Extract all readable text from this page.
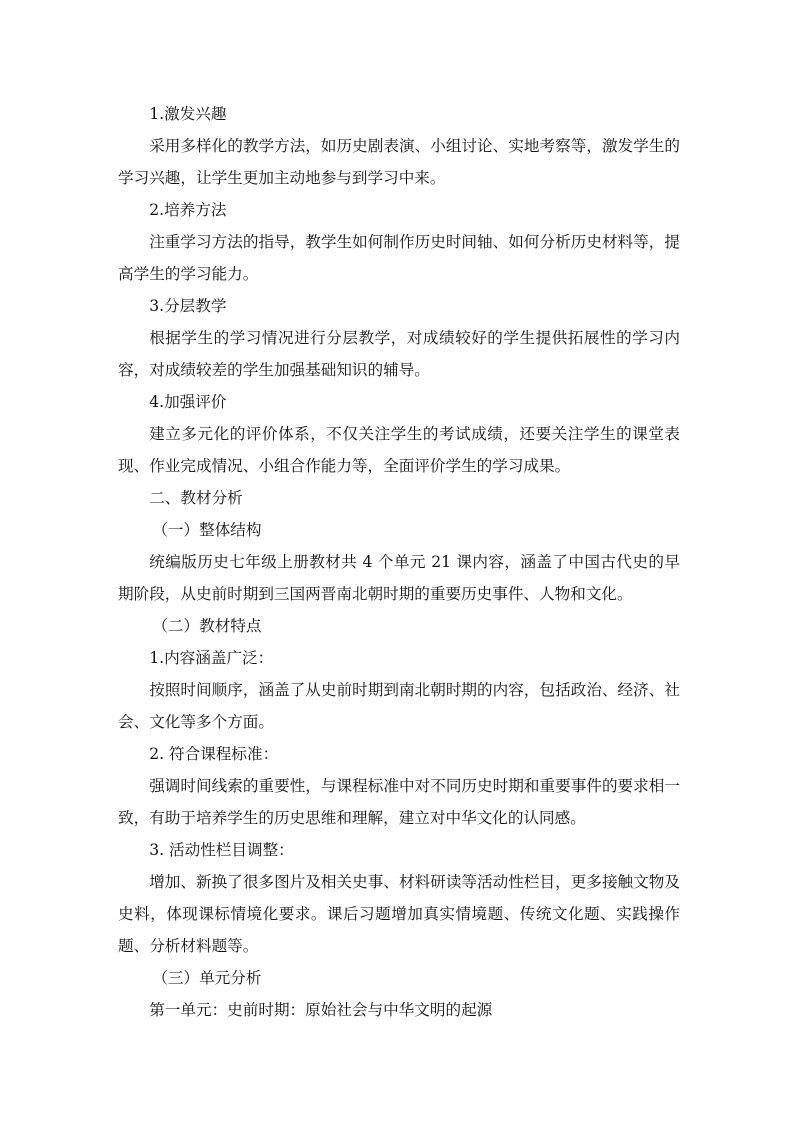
1.激发兴趣

采用多样化的教学方法，如历史剧表演、小组讨论、实地考察等，激发学生的学习兴趣，让学生更加主动地参与到学习中来。

2.培养方法

注重学习方法的指导，教学生如何制作历史时间轴、如何分析历史材料等，提高学生的学习能力。

3.分层教学

根据学生的学习情况进行分层教学，对成绩较好的学生提供拓展性的学习内容，对成绩较差的学生加强基础知识的辅导。

4.加强评价

建立多元化的评价体系，不仅关注学生的考试成绩，还要关注学生的课堂表现、作业完成情况、小组合作能力等，全面评价学生的学习成果。

二、教材分析

（一）整体结构

统编版历史七年级上册教材共 4 个单元 21 课内容，涵盖了中国古代史的早期阶段，从史前时期到三国两晋南北朝时期的重要历史事件、人物和文化。

（二）教材特点

1.内容涵盖广泛：

按照时间顺序，涵盖了从史前时期到南北朝时期的内容，包括政治、经济、社会、文化等多个方面。

2. 符合课程标准：

强调时间线索的重要性，与课程标准中对不同历史时期和重要事件的要求相一致，有助于培养学生的历史思维和理解，建立对中华文化的认同感。

3. 活动性栏目调整：

增加、新换了很多图片及相关史事、材料研读等活动性栏目，更多接触文物及史料，体现课标情境化要求。课后习题增加真实情境题、传统文化题、实践操作题、分析材料题等。

（三）单元分析

第一单元：史前时期：原始社会与中华文明的起源
